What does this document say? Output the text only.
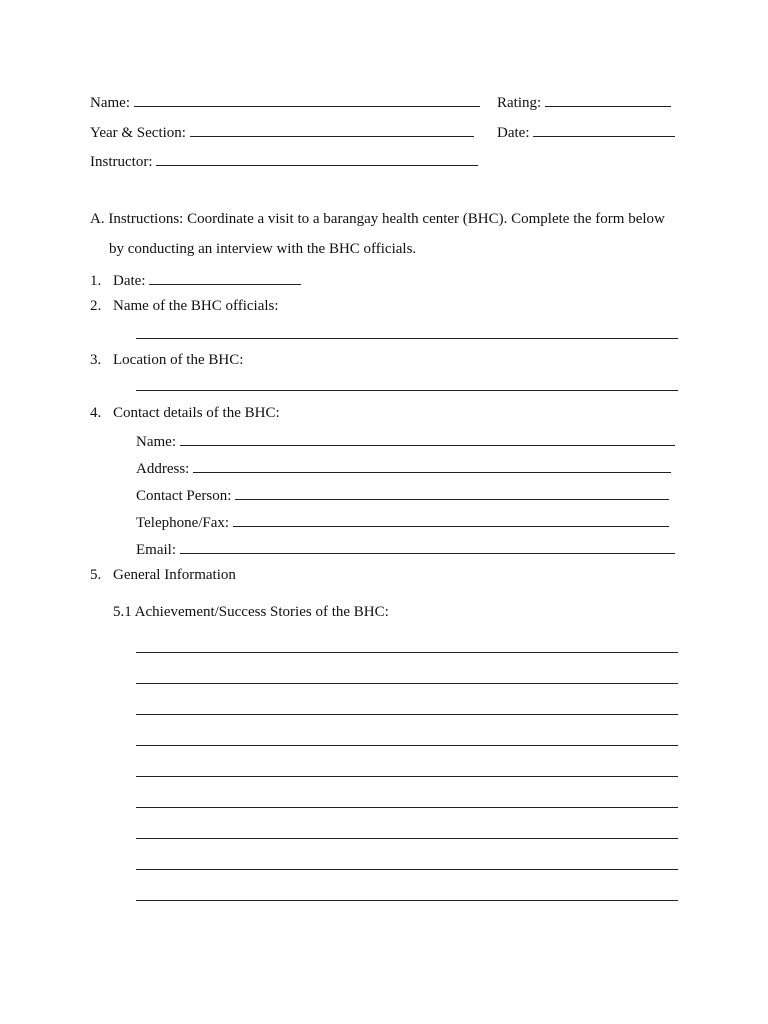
Name:	Rating:
Year & Section:	Date:
Instructor:
A. Instructions: Coordinate a visit to a barangay health center (BHC). Complete the form below
by conducting an interview with the BHC officials.
1. Date:
2. Name of the BHC officials:
3. Location of the BHC:
4. Contact details of the BHC:
Name:
Address:
Contact Person:
Telephone/Fax:
Email:
5. General Information
5.1 Achievement/Success Stories of the BHC:
